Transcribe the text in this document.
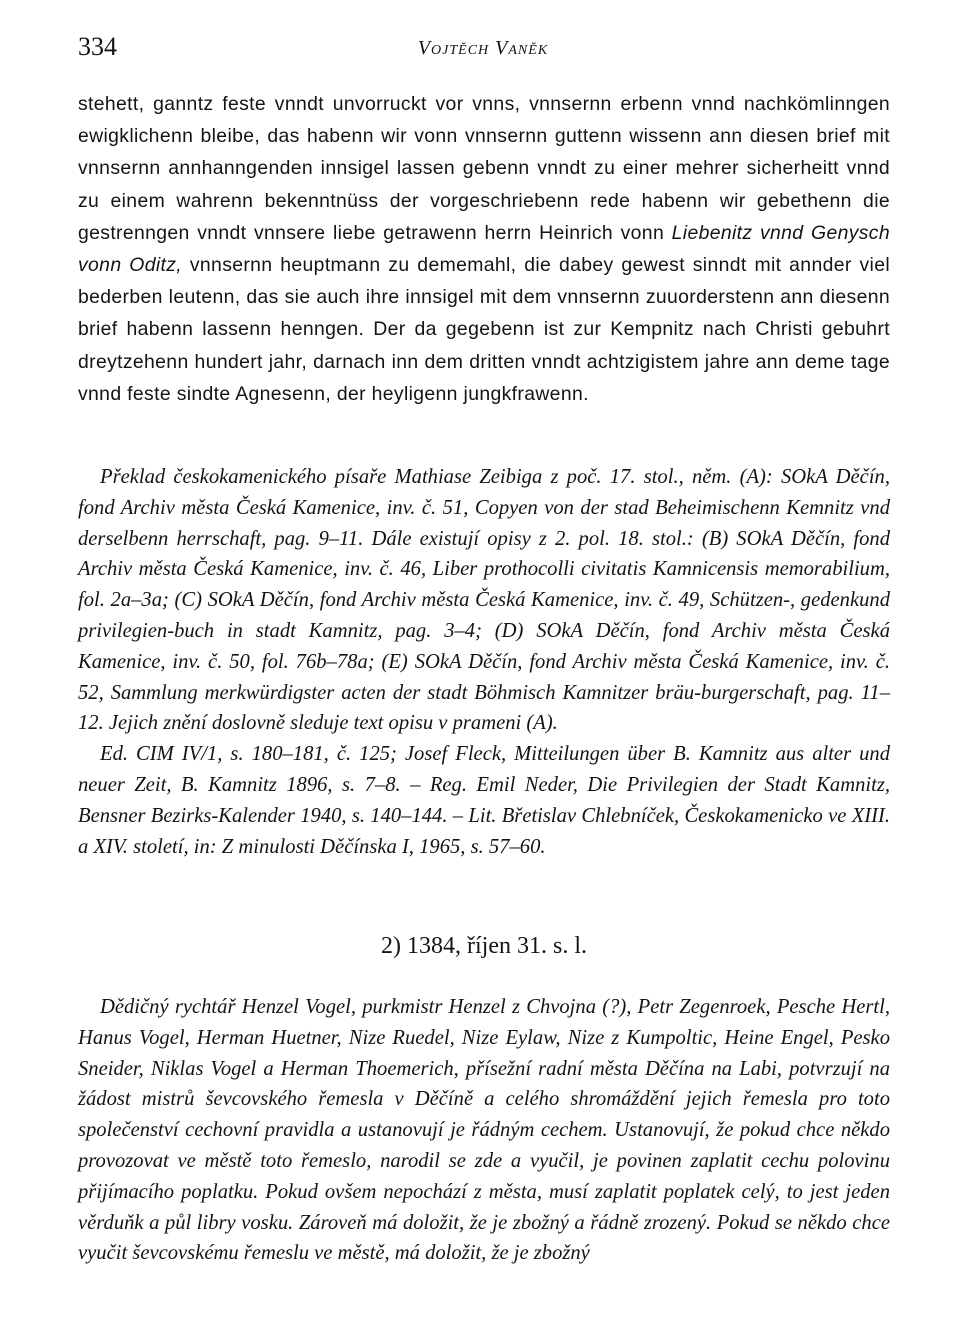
334	Vojtěch Vaněk

stehett, ganntz feste vnndt unvorruckt vor vnns, vnnsernn erbenn vnnd nachkömlinngen ewigklichenn bleibe, das habenn wir vonn vnnsernn guttenn wissenn ann diesen brief mit vnnsernn annhanngenden innsigel lassen gebenn vnndt zu einer mehrer sicherheitt vnnd zu einem wahrenn bekenntnüss der vorgeschriebenn rede habenn wir gebethenn die gestrenngen vnndt vnnsere liebe getrawenn herrn Heinrich vonn Liebenitz vnnd Genysch vonn Oditz, vnnsernn heuptmann zu dememahl, die dabey gewest sinndt mit annder viel bederben leutenn, das sie auch ihre innsigel mit dem vnnsernn zuuorderstenn ann diesenn brief habenn lassenn henngen. Der da gegebenn ist zur Kempnitz nach Christi gebuhrt dreytzehenn hundert jahr, darnach inn dem dritten vnndt achtzigistem jahre ann deme tage vnnd feste sindte Agnesenn, der heyligenn jungkfrawenn.

Překlad českokamenického písaře Mathiase Zeibiga z poč. 17. stol., něm. (A): SOkA Děčín, fond Archiv města Česká Kamenice, inv. č. 51, Copyen von der stad Beheimischenn Kemnitz vnd derselbenn herrschaft, pag. 9–11. Dále existují opisy z 2. pol. 18. stol.: (B) SOkA Děčín, fond Archiv města Česká Kamenice, inv. č. 46, Liber prothocolli civitatis Kamnicensis memorabilium, fol. 2a–3a; (C) SOkA Děčín, fond Archiv města Česká Kamenice, inv. č. 49, Schützen-, gedenkund privilegien-buch in stadt Kamnitz, pag. 3–4; (D) SOkA Děčín, fond Archiv města Česká Kamenice, inv. č. 50, fol. 76b–78a; (E) SOkA Děčín, fond Archiv města Česká Kamenice, inv. č. 52, Sammlung merkwürdigster acten der stadt Böhmisch Kamnitzer bräu-burgerschaft, pag. 11–12. Jejich znění doslovně sleduje text opisu v prameni (A).

Ed. CIM IV/1, s. 180–181, č. 125; Josef Fleck, Mitteilungen über B. Kamnitz aus alter und neuer Zeit, B. Kamnitz 1896, s. 7–8. – Reg. Emil Neder, Die Privilegien der Stadt Kamnitz, Bensner Bezirks-Kalender 1940, s. 140–144. – Lit. Břetislav Chlebníček, Českokamenicko ve XIII. a XIV. století, in: Z minulosti Děčínska I, 1965, s. 57–60.

2) 1384, říjen 31. s. l.

Dědičný rychtář Henzel Vogel, purkmistr Henzel z Chvojna (?), Petr Zegenroek, Pesche Hertl, Hanus Vogel, Herman Huetner, Nize Ruedel, Nize Eylaw, Nize z Kumpoltic, Heine Engel, Pesko Sneider, Niklas Vogel a Herman Thoemerich, přísežní radní města Děčína na Labi, potvrzují na žádost mistrů ševcovského řemesla v Děčíně a celého shromáždění jejich řemesla pro toto společenství cechovní pravidla a ustanovují je řádným cechem. Ustanovují, že pokud chce někdo provozovat ve městě toto řemeslo, narodil se zde a vyučil, je povinen zaplatit cechu polovinu přijímacího poplatku. Pokud ovšem nepochází z města, musí zaplatit poplatek celý, to jest jeden věrduňk a půl libry vosku. Zároveň má doložit, že je zbožný a řádně zrozený. Pokud se někdo chce vyučit ševcovskému řemeslu ve městě, má doložit, že je zbožný
